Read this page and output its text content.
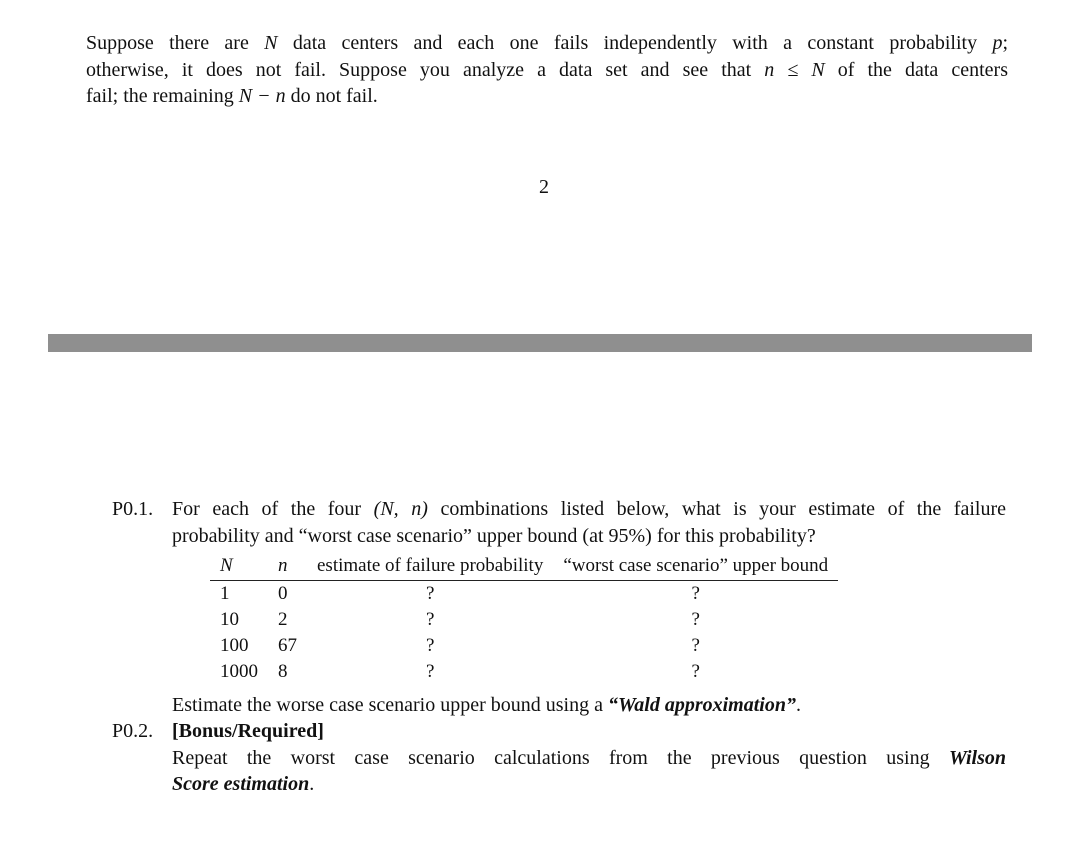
Suppose there are N data centers and each one fails independently with a constant probability p;
otherwise, it does not fail. Suppose you analyze a data set and see that n ≤ N of the data centers
fail; the remaining N − n do not fail.
2
P0.1. For each of the four (N, n) combinations listed below, what is your estimate of the failure
probability and “worst case scenario” upper bound (at 95%) for this probability?
N	n	estimate of failure probability	“worst case scenario” upper bound
1	0	?	?
10	2	?	?
100	67	?	?
1000	8	?	?
Estimate the worse case scenario upper bound using a “Wald approximation”.
P0.2. [Bonus/Required]
Repeat the worst case scenario calculations from the previous question using Wilson
Score estimation.
